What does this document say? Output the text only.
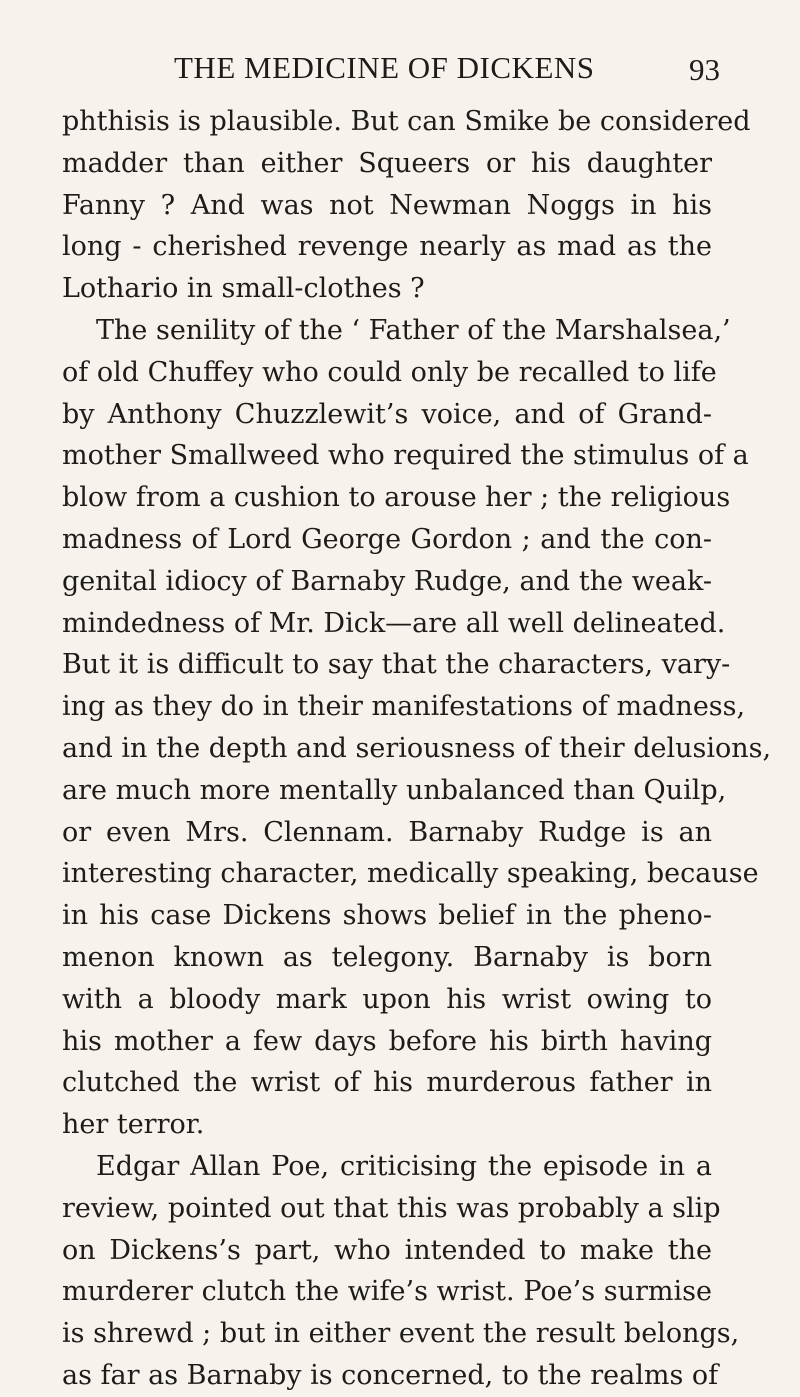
THE MEDICINE OF DICKENS	93
phthisis is plausible. But can Smike be considered
madder than either Squeers or his daughter
Fanny ? And was not Newman Noggs in his
long - cherished revenge nearly as mad as the
Lothario in small-clothes ?
The senility of the ‘ Father of the Marshalsea,’
of old Chuffey who could only be recalled to life
by Anthony Chuzzlewit’s voice, and of Grand-
mother Smallweed who required the stimulus of a
blow from a cushion to arouse her ; the religious
madness of Lord George Gordon ; and the con-
genital idiocy of Barnaby Rudge, and the weak-
mindedness of Mr. Dick—are all well delineated.
But it is difficult to say that the characters, vary-
ing as they do in their manifestations of madness,
and in the depth and seriousness of their delusions,
are much more mentally unbalanced than Quilp,
or even Mrs. Clennam. Barnaby Rudge is an
interesting character, medically speaking, because
in his case Dickens shows belief in the pheno-
menon known as telegony. Barnaby is born
with a bloody mark upon his wrist owing to
his mother a few days before his birth having
clutched the wrist of his murderous father in
her terror.
Edgar Allan Poe, criticising the episode in a
review, pointed out that this was probably a slip
on Dickens’s part, who intended to make the
murderer clutch the wife’s wrist. Poe’s surmise
is shrewd ; but in either event the result belongs,
as far as Barnaby is concerned, to the realms of
